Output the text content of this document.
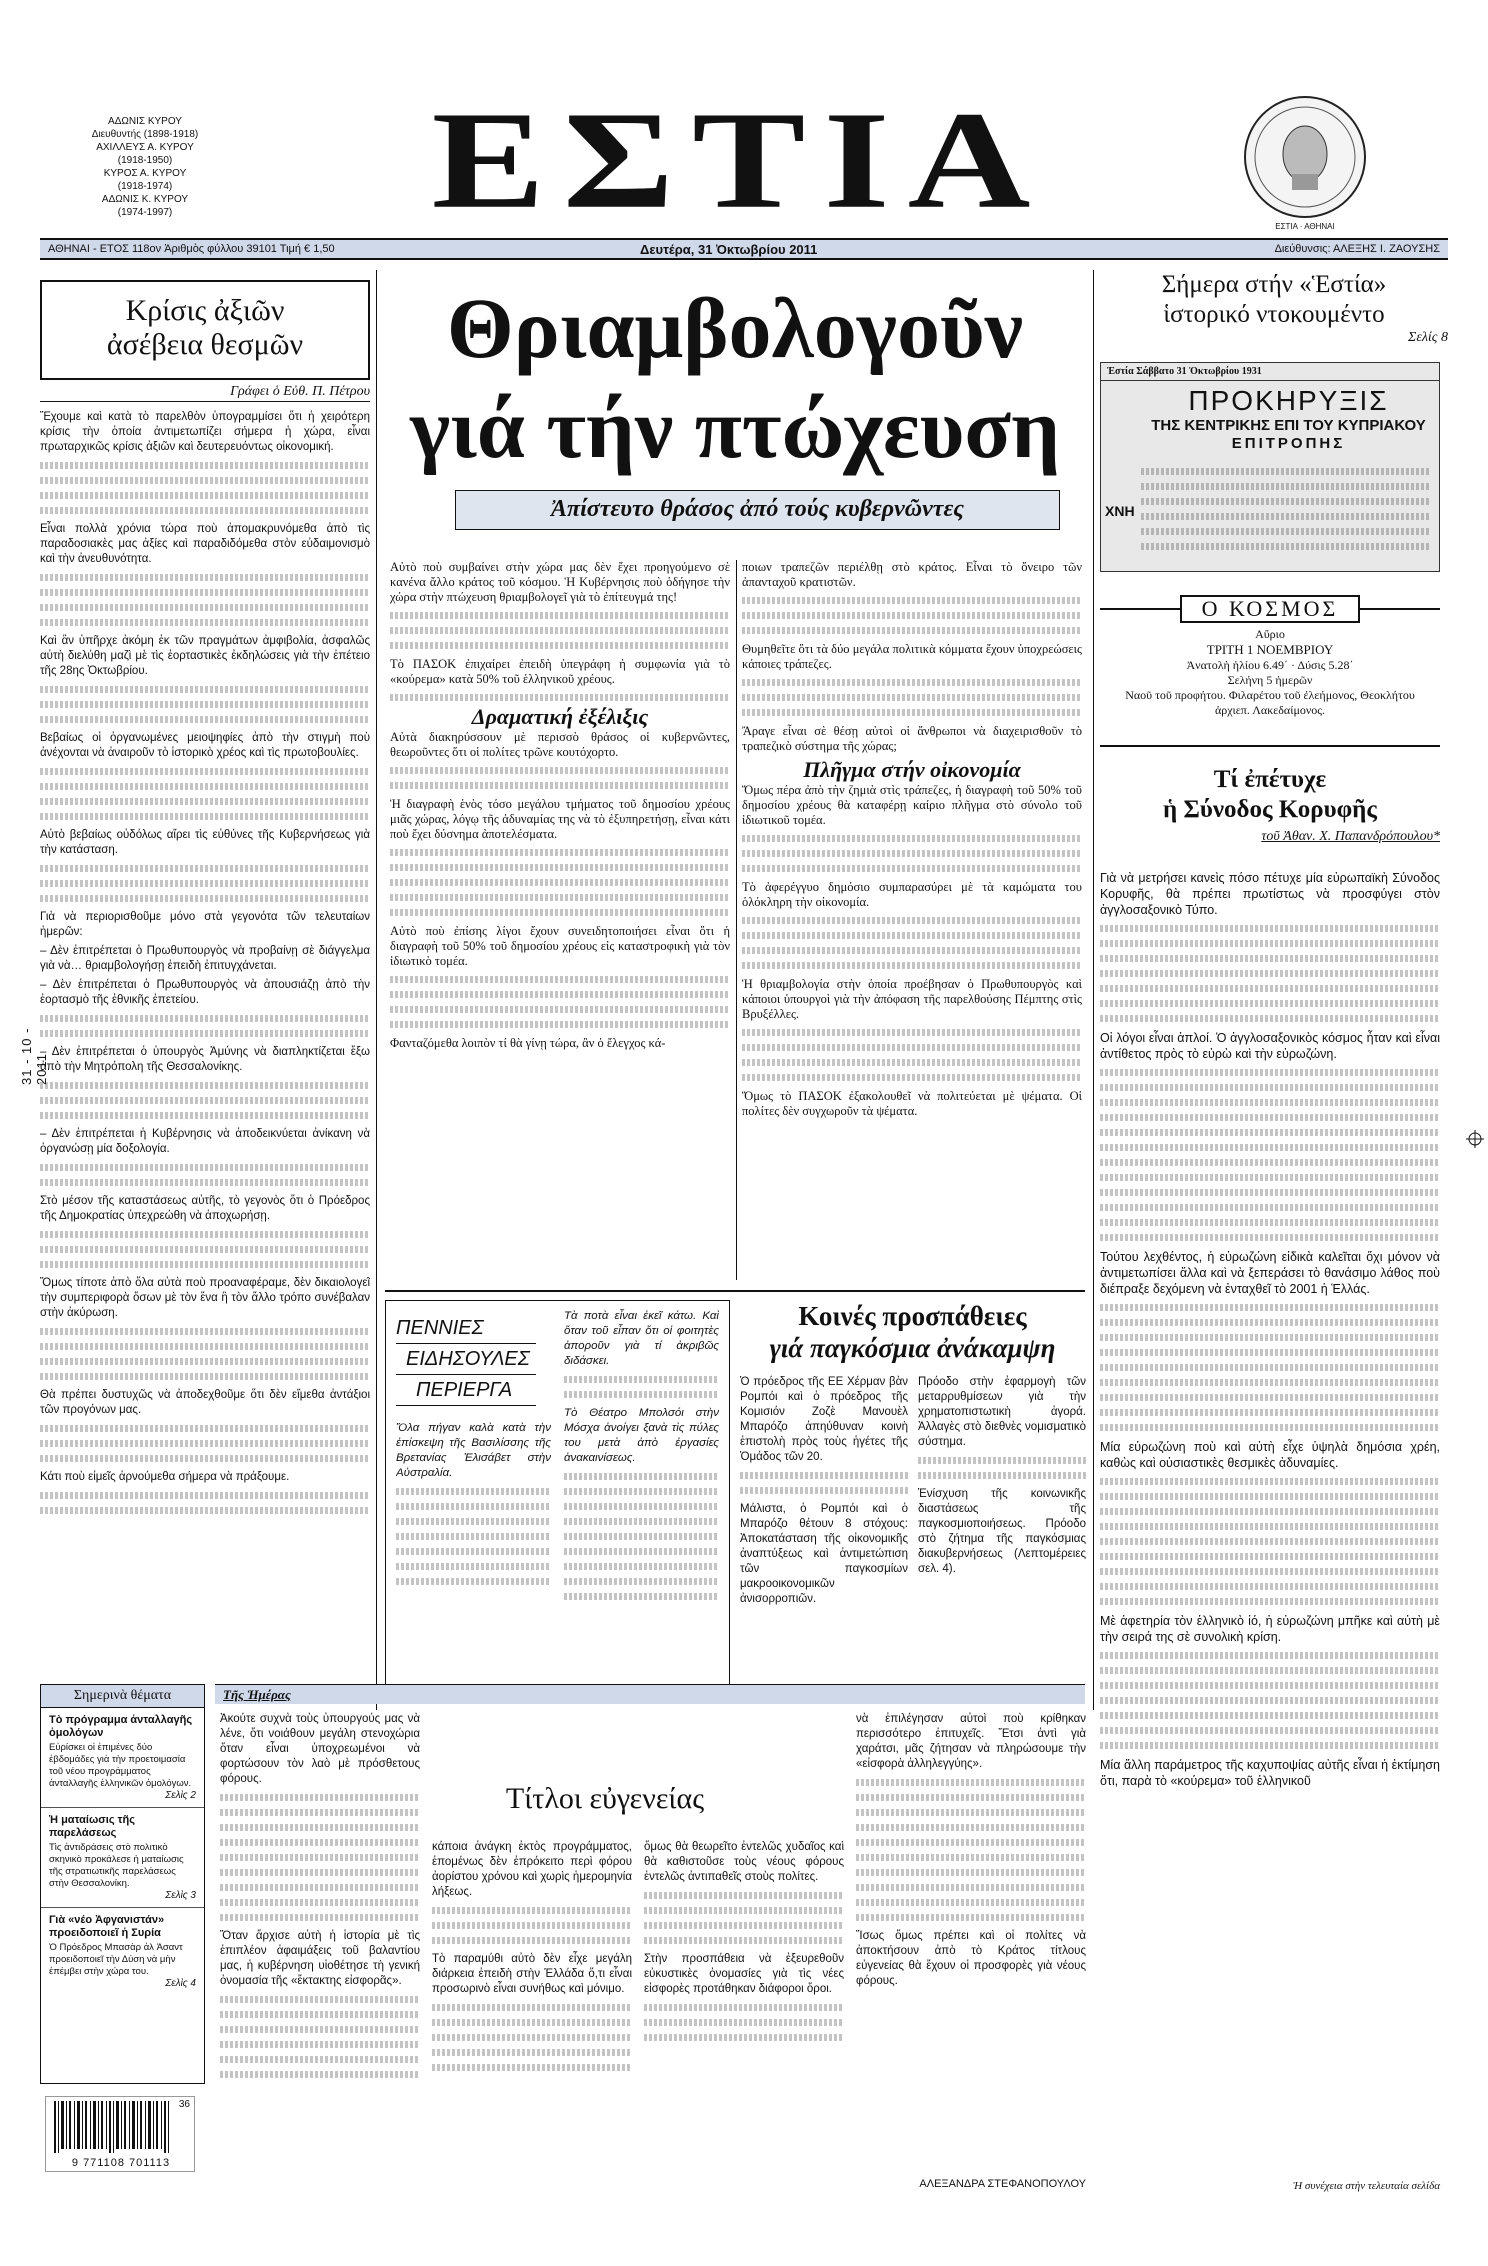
ΑΔΩΝΙΣ ΚΥΡΟΥ
Διευθυντής (1898-1918)
ΑΧΙΛΛΕΥΣ Α. ΚΥΡΟΥ
(1918-1950)
ΚΥΡΟΣ Α. ΚΥΡΟΥ
(1918-1974)
ΑΔΩΝΙΣ Κ. ΚΥΡΟΥ
(1974-1997)	ΕΣΤΙΑ	ΕΣΤΙΑ · ΑΘΗΝΑΙ
ΑΘΗΝΑΙ - ΕΤΟΣ 118ον Ἀριθμὸς φύλλου 39101 Τιμή € 1,50	Δευτέρα, 31 Ὀκτωβρίου 2011	Διεύθυνσις: ΑΛΕΞΗΣ Ι. ΖΑΟΥΣΗΣ
31 - 10 - 2011
Κρίσις ἀξιῶν
ἀσέβεια θεσμῶν
Γράφει ὁ Εὐθ. Π. Πέτρου

Ἔχουμε καὶ κατὰ τὸ παρελθὸν ὑπογραμμίσει ὅτι ἡ χειρότερη κρίσις τὴν ὁποία ἀντιμετωπίζει σήμερα ἡ χώρα, εἶναι πρωταρχικῶς κρίσις ἀξιῶν καὶ δευτερευόντως οἰκονομική.

Εἶναι πολλὰ χρόνια τώρα ποὺ ἀπομακρυνόμεθα ἀπὸ τὶς παραδοσιακὲς μας ἀξίες καὶ παραδιδόμεθα στὸν εὐδαιμονισμὸ καὶ τὴν ἀνευθυνότητα.

Καὶ ἂν ὑπῆρχε ἀκόμη ἐκ τῶν πραγμάτων ἀμφιβολία, ἀσφαλῶς αὐτὴ διελύθη μαζὶ μὲ τὶς ἐορταστικὲς ἐκδηλώσεις γιὰ τὴν ἐπέτειο τῆς 28ης Ὀκτωβρίου.

Βεβαίως οἱ ὀργανωμένες μειοψηφίες ἀπὸ τὴν στιγμὴ ποὺ ἀνέχονται νὰ ἀναιροῦν τὸ ἱστορικὸ χρέος καὶ τὶς πρωτοβουλίες.

Αὐτὸ βεβαίως οὐδόλως αἴρει τὶς εὐθύνες τῆς Κυβερνήσεως γιὰ τὴν κατάσταση.

Γιὰ νὰ περιορισθοῦμε μόνο στὰ γεγονότα τῶν τελευταίων ἡμερῶν:

– Δὲν ἐπιτρέπεται ὁ Πρωθυπουργὸς νὰ προβαίνῃ σὲ διάγγελμα γιὰ νὰ… θριαμβολογήσῃ ἐπειδὴ ἐπιτυγχάνεται.

– Δὲν ἐπιτρέπεται ὁ Πρωθυπουργὸς νὰ ἀπουσιάζῃ ἀπὸ τὴν ἐορτασμὸ τῆς ἐθνικῆς ἐπετείου.

– Δὲν ἐπιτρέπεται ὁ ὑπουργὸς Ἀμύνης νὰ διαπληκτίζεται ἔξω ἀπὸ τὴν Μητρόπολη τῆς Θεσσαλονίκης.

– Δὲν ἐπιτρέπεται ἡ Κυβέρνησις νὰ ἀποδεικνύεται ἀνίκανη νὰ ὀργανώσῃ μία δοξολογία.

Στὸ μέσον τῆς καταστάσεως αὐτῆς, τὸ γεγονὸς ὅτι ὁ Πρόεδρος τῆς Δημοκρατίας ὑπεχρεώθη νὰ ἀποχωρήσῃ.

Ὅμως τίποτε ἀπὸ ὅλα αὐτὰ ποὺ προαναφέραμε, δὲν δικαιολογεῖ τὴν συμπεριφορὰ ὅσων μὲ τὸν ἕνα ἢ τὸν ἄλλο τρόπο συνέβαλαν στὴν ἀκύρωση.

Θὰ πρέπει δυστυχῶς νὰ ἀποδεχθοῦμε ὅτι δὲν εἴμεθα ἀντάξιοι τῶν προγόνων μας.

Κάτι ποὺ εἰμεῖς ἀρνούμεθα σήμερα νὰ πράξουμε.

Θριαμβολογοῦν
γιά τήν πτώχευση
Ἀπίστευτο θράσος ἀπό τούς κυβερνῶντες

Αὐτὸ ποὺ συμβαίνει στὴν χώρα μας δὲν ἔχει προηγούμενο σὲ κανένα ἄλλο κράτος τοῦ κόσμου. Ἡ Κυβέρνησις ποὺ ὁδήγησε τὴν χώρα στὴν πτώχευση θριαμβολογεῖ γιὰ τὸ ἐπίτευγμά της!

Τὸ ΠΑΣΟΚ ἐπιχαίρει ἐπειδὴ ὑπεγράφη ἡ συμφωνία γιὰ τὸ «κούρεμα» κατὰ 50% τοῦ ἑλληνικοῦ χρέους.

Δραματική ἐξέλιξις

Αὐτὰ διακηρύσσουν μὲ περισσὸ θράσος οἱ κυβερνῶντες, θεωροῦντες ὅτι οἱ πολίτες τρῶνε κουτόχορτο.

Ἡ διαγραφὴ ἑνὸς τόσο μεγάλου τμήματος τοῦ δημοσίου χρέους μιᾶς χώρας, λόγῳ τῆς ἀδυναμίας της νὰ τὸ ἐξυπηρετήσῃ, εἶναι κάτι ποὺ ἔχει δύσνημα ἀποτελέσματα.

Αὐτὸ ποὺ ἐπίσης λίγοι ἔχουν συνειδητοποιήσει εἶναι ὅτι ἡ διαγραφὴ τοῦ 50% τοῦ δημοσίου χρέους εἰς καταστροφικὴ γιὰ τὸν ἰδιωτικὸ τομέα.

Φανταζόμεθα λοιπὸν τί θὰ γίνῃ τώρα, ἂν ὁ ἔλεγχος κά-

ποιων τραπεζῶν περιέλθῃ στὸ κράτος. Εἶναι τὸ ὄνειρο τῶν ἀπανταχοῦ κρατιστῶν.

Θυμηθεῖτε ὅτι τὰ δύο μεγάλα πολιτικὰ κόμματα ἔχουν ὑποχρεώσεις κάποιες τράπεζες.

Ἄραγε εἶναι σὲ θέσῃ αὐτοὶ οἱ ἄνθρωποι νὰ διαχειρισθοῦν τὸ τραπεζικὸ σύστημα τῆς χώρας;

Πλῆγμα στήν οἰκονομία

Ὅμως πέρα ἀπὸ τὴν ζημιὰ στὶς τράπεζες, ἡ διαγραφὴ τοῦ 50% τοῦ δημοσίου χρέους θὰ καταφέρῃ καίριο πλῆγμα στὸ σύνολο τοῦ ἰδιωτικοῦ τομέα.

Τὸ ἀφερέγγυο δημόσιο συμπαρασύρει μὲ τὰ καμώματα του ὁλόκληρη τὴν οἰκονομία.

Ἡ θριαμβολογία στὴν ὁποία προέβησαν ὁ Πρωθυπουργὸς καὶ κάποιοι ὑπουργοὶ γιὰ τὴν ἀπόφαση τῆς παρελθούσης Πέμπτης στὶς Βρυξέλλες.

Ὅμως τὸ ΠΑΣΟΚ ἐξακολουθεῖ νὰ πολιτεύεται μὲ ψέματα. Οἱ πολίτες δὲν συγχωροῦν τὰ ψέματα.

ΠΕΝΝΙΕΣ
ΕΙΔΗΣΟΥΛΕΣ
ΠΕΡΙΕΡΓΑ

Ὅλα πήγαν καλὰ κατὰ τὴν ἐπίσκεψη τῆς Βασιλίσσης τῆς Βρετανίας Ἐλισάβετ στὴν Αὐστραλία.

Τὰ ποτὰ εἶναι ἐκεῖ κάτω. Καὶ ὅταν τοῦ εἶπαν ὅτι οἱ φοιτητὲς ἀποροῦν γιὰ τί ἀκριβῶς διδάσκει.

Τὸ Θέατρο Μπολσόι στὴν Μόσχα ἀνοίγει ξανὰ τὶς πύλες του μετὰ ἀπὸ ἐργασίες ἀνακαινίσεως.

Κοινές προσπάθειες
γιά παγκόσμια ἀνάκαμψη

Ὁ πρόεδρος τῆς ΕΕ Χέρμαν βὰν Ρομπόι καὶ ὁ πρόεδρος τῆς Κομισιόν Ζοζὲ Μανουὲλ Μπαρόζο ἀπηύθυναν κοινὴ ἐπιστολὴ πρὸς τοὺς ἡγέτες τῆς Ὁμάδος τῶν 20.

Μάλιστα, ὁ Ρομπόι καὶ ὁ Μπαρόζο θέτουν 8 στόχους: Ἀποκατάσταση τῆς οἰκονομικῆς ἀναπτύξεως καὶ ἀντιμετώπιση τῶν παγκοσμίων μακροοικονομικῶν ἀνισορροπιῶν.

Πρόοδο στὴν ἐφαρμογὴ τῶν μεταρρυθμίσεων γιὰ τὴν χρηματοπιστωτικὴ ἀγορά. Ἀλλαγὲς στὸ διεθνὲς νομισματικὸ σύστημα.

Ἑνίσχυση τῆς κοινωνικῆς διαστάσεως τῆς παγκοσμιοποιήσεως. Πρόοδο στὸ ζήτημα τῆς παγκόσμιας διακυβερνήσεως (Λεπτομέρειες σελ. 4).

Σήμερα στήν «Ἑστία»
ἱστορικό ντοκουμέντο
Σελίς 8
Ἑστία Σάββατο 31 Ὀκτωβρίου 1931
ΧΝΗ
ΠΡΟΚΗΡΥΞΙΣ
ΤΗΣ ΚΕΝΤΡΙΚΗΣ ΕΠΙ ΤΟΥ ΚΥΠΡΙΑΚΟΥ
ΕΠΙΤΡΟΠΗΣ
Ο ΚΟΣΜΟΣ
Αὔριο
ΤΡΙΤΗ 1 ΝΟΕΜΒΡΙΟΥ
Ἀνατολὴ ἡλίου 6.49΄ · Δύσις 5.28΄
Σελήνη 5 ἡμερῶν
Ναοῦ τοῦ προφήτου. Φιλαρέτου τοῦ ἐλεήμονος, Θεοκλήτου ἀρχιεπ. Λακεδαίμονος.
Τί ἐπέτυχε
ἡ Σύνοδος Κορυφῆς
τοῦ Ἀθαν. Χ. Παπανδρόπουλου*

Γιὰ νὰ μετρήσει κανεὶς πόσο πέτυχε μία εὐρωπαϊκὴ Σύνοδος Κορυφῆς, θὰ πρέπει πρωτίστως νὰ προσφύγει στὸν ἀγγλοσαξονικὸ Τύπο.

Οἱ λόγοι εἶναι ἁπλοί. Ὁ ἀγγλοσαξονικὸς κόσμος ἦταν καὶ εἶναι ἀντίθετος πρὸς τὸ εὐρὼ καὶ τὴν εὐρωζώνη.

Τούτου λεχθέντος, ἡ εὐρωζώνη εἰδικὰ καλεῖται ὅχι μόνον νὰ ἀντιμετωπίσει ἄλλα καὶ νὰ ξεπεράσει τὸ θανάσιμο λάθος ποὺ διέπραξε δεχόμενη νὰ ἐνταχθεῖ τὸ 2001 ἡ Ἑλλάς.

Μία εὐρωζώνη ποὺ καὶ αὐτὴ εἶχε ὑψηλὰ δημόσια χρέη, καθὼς καὶ οὐσιαστικὲς θεσμικὲς ἀδυναμίες.

Μὲ ἀφετηρία τὸν ἑλληνικὸ ἰό, ἡ εὐρωζώνη μπῆκε καὶ αὐτὴ μὲ τὴν σειρά της σὲ συνολικὴ κρίση.

Μία ἄλλη παράμετρος τῆς καχυποψίας αὐτῆς εἶναι ἡ ἐκτίμηση ὅτι, παρὰ τὸ «κούρεμα» τοῦ ἑλληνικοῦ

Ἡ συνέχεια στὴν τελευταία σελίδα
Τῆς Ἡμέρας
Τίτλοι εὐγενείας

Ἀκούτε συχνὰ τοὺς ὑπουργούς μας νὰ λένε, ὅτι νοιάθουν μεγάλη στενοχώρια ὅταν εἶναι ὑποχρεωμένοι νὰ φορτώσουν τὸν λαὸ μὲ πρόσθετους φόρους.

Ὅταν ἄρχισε αὐτὴ ἡ ἱστορία μὲ τὶς ἐπιπλέον ἀφαιμάξεις τοῦ βαλαντίου μας, ἡ κυβέρνηση υἱοθέτησε τὴ γενική ὀνομασία τῆς «ἔκτακτης εἰσφορᾶς».

κάποια ἀνάγκη ἐκτὸς προγράμματος, ἐπομένως δὲν ἐπρόκειτο περὶ φόρου ἀορίστου χρόνου καὶ χωρὶς ἡμερομηνία λήξεως.

Τὸ παραμύθι αὐτὸ δὲν εἶχε μεγάλη διάρκεια ἐπειδὴ στὴν Ἑλλάδα ὅ,τι εἶναι προσωρινὸ εἶναι συνήθως καὶ μόνιμο.

ὅμως θὰ θεωρεῖτο ἐντελῶς χυδαῖος καὶ θὰ καθιστοῦσε τοὺς νέους φόρους ἐντελῶς ἀντιπαθεῖς στοὺς πολίτες.

Στὴν προσπάθεια νὰ ἐξευρεθοῦν εὐκυστικὲς ὀνομασίες γιὰ τὶς νέες εἰσφορὲς προτάθηκαν διάφοροι ὅροι.

νὰ ἐπιλέγησαν αὐτοὶ ποὺ κρίθηκαν περισσότερο ἐπιτυχεῖς. Ἔτσι ἀντὶ γιὰ χαράτσι, μᾶς ζήτησαν νὰ πληρώσουμε τὴν «εἰσφορὰ ἀλληλεγγύης».

Ἴσως ὅμως πρέπει καὶ οἱ πολίτες νὰ ἀποκτήσουν ἀπὸ τὸ Κράτος τίτλους εὐγενείας θὰ ἔχουν οἱ προσφορὲς γιὰ νέους φόρους.

ΑΛΕΞΑΝΔΡΑ ΣΤΕΦΑΝΟΠΟΥΛΟΥ
Σημερινὰ θέματα
Τὸ πρόγραμμα ἀνταλλαγῆς ὁμολόγων
Εὐρίσκει οἱ ἐπιμένες δύο ἑβδομάδες γιὰ τὴν προετοιμασία τοῦ νέου προγράμματος ἀνταλλαγῆς ἑλληνικῶν ὁμολόγων.
Σελὶς 2
Ἡ ματαίωσις τῆς παρελάσεως
Τὶς ἀντιδράσεις στὸ πολιτικὸ σκηνικὸ προκάλεσε ἡ ματαίωσις τῆς στρατιωτικῆς παρελάσεως στὴν Θεσσαλονίκη.
Σελὶς 3
Γιὰ «νέο Ἀφγανιστάν» προειδοποιεῖ ἡ Συρία
Ὁ Πρόεδρος Μπασὰρ ἀλ Ἀσαντ προειδοποιεῖ τὴν Δύση νὰ μὴν ἐπέμβει στὴν χώρα του.
Σελὶς 4
36
9 771108 701113
